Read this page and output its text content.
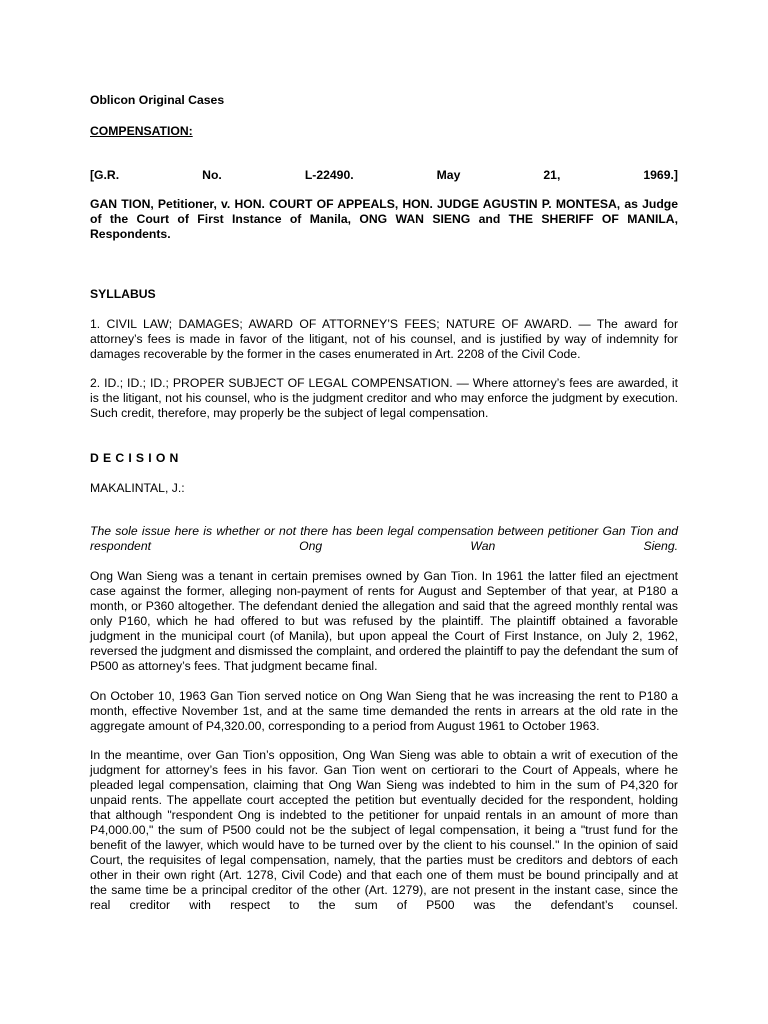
Oblicon Original Cases

COMPENSATION:

[G.R.	No.	L-22490.	May	21,	1969.]

GAN TION, Petitioner, v. HON. COURT OF APPEALS, HON. JUDGE AGUSTIN P. MONTESA, as Judge of the Court of First Instance of Manila, ONG WAN SIENG and THE SHERIFF OF MANILA, Respondents.

SYLLABUS

1. CIVIL LAW; DAMAGES; AWARD OF ATTORNEY’S FEES; NATURE OF AWARD. — The award for attorney’s fees is made in favor of the litigant, not of his counsel, and is justified by way of indemnity for damages recoverable by the former in the cases enumerated in Art. 2208 of the Civil Code.

2. ID.; ID.; ID.; PROPER SUBJECT OF LEGAL COMPENSATION. — Where attorney’s fees are awarded, it is the litigant, not his counsel, who is the judgment creditor and who may enforce the judgment by execution. Such credit, therefore, may properly be the subject of legal compensation.

DECISION

MAKALINTAL, J.:

The sole issue here is whether or not there has been legal compensation between petitioner Gan Tion and respondent Ong Wan Sieng.

Ong Wan Sieng was a tenant in certain premises owned by Gan Tion. In 1961 the latter filed an ejectment case against the former, alleging non-payment of rents for August and September of that year, at P180 a month, or P360 altogether. The defendant denied the allegation and said that the agreed monthly rental was only P160, which he had offered to but was refused by the plaintiff. The plaintiff obtained a favorable judgment in the municipal court (of Manila), but upon appeal the Court of First Instance, on July 2, 1962, reversed the judgment and dismissed the complaint, and ordered the plaintiff to pay the defendant the sum of P500 as attorney’s fees. That judgment became final.

On October 10, 1963 Gan Tion served notice on Ong Wan Sieng that he was increasing the rent to P180 a month, effective November 1st, and at the same time demanded the rents in arrears at the old rate in the aggregate amount of P4,320.00, corresponding to a period from August 1961 to October 1963.

In the meantime, over Gan Tion’s opposition, Ong Wan Sieng was able to obtain a writ of execution of the judgment for attorney’s fees in his favor. Gan Tion went on certiorari to the Court of Appeals, where he pleaded legal compensation, claiming that Ong Wan Sieng was indebted to him in the sum of P4,320 for unpaid rents. The appellate court accepted the petition but eventually decided for the respondent, holding that although "respondent Ong is indebted to the petitioner for unpaid rentals in an amount of more than P4,000.00," the sum of P500 could not be the subject of legal compensation, it being a "trust fund for the benefit of the lawyer, which would have to be turned over by the client to his counsel." In the opinion of said Court, the requisites of legal compensation, namely, that the parties must be creditors and debtors of each other in their own right (Art. 1278, Civil Code) and that each one of them must be bound principally and at the same time be a principal creditor of the other (Art. 1279), are not present in the instant case, since the real creditor with respect to the sum of P500 was the defendant’s counsel.
